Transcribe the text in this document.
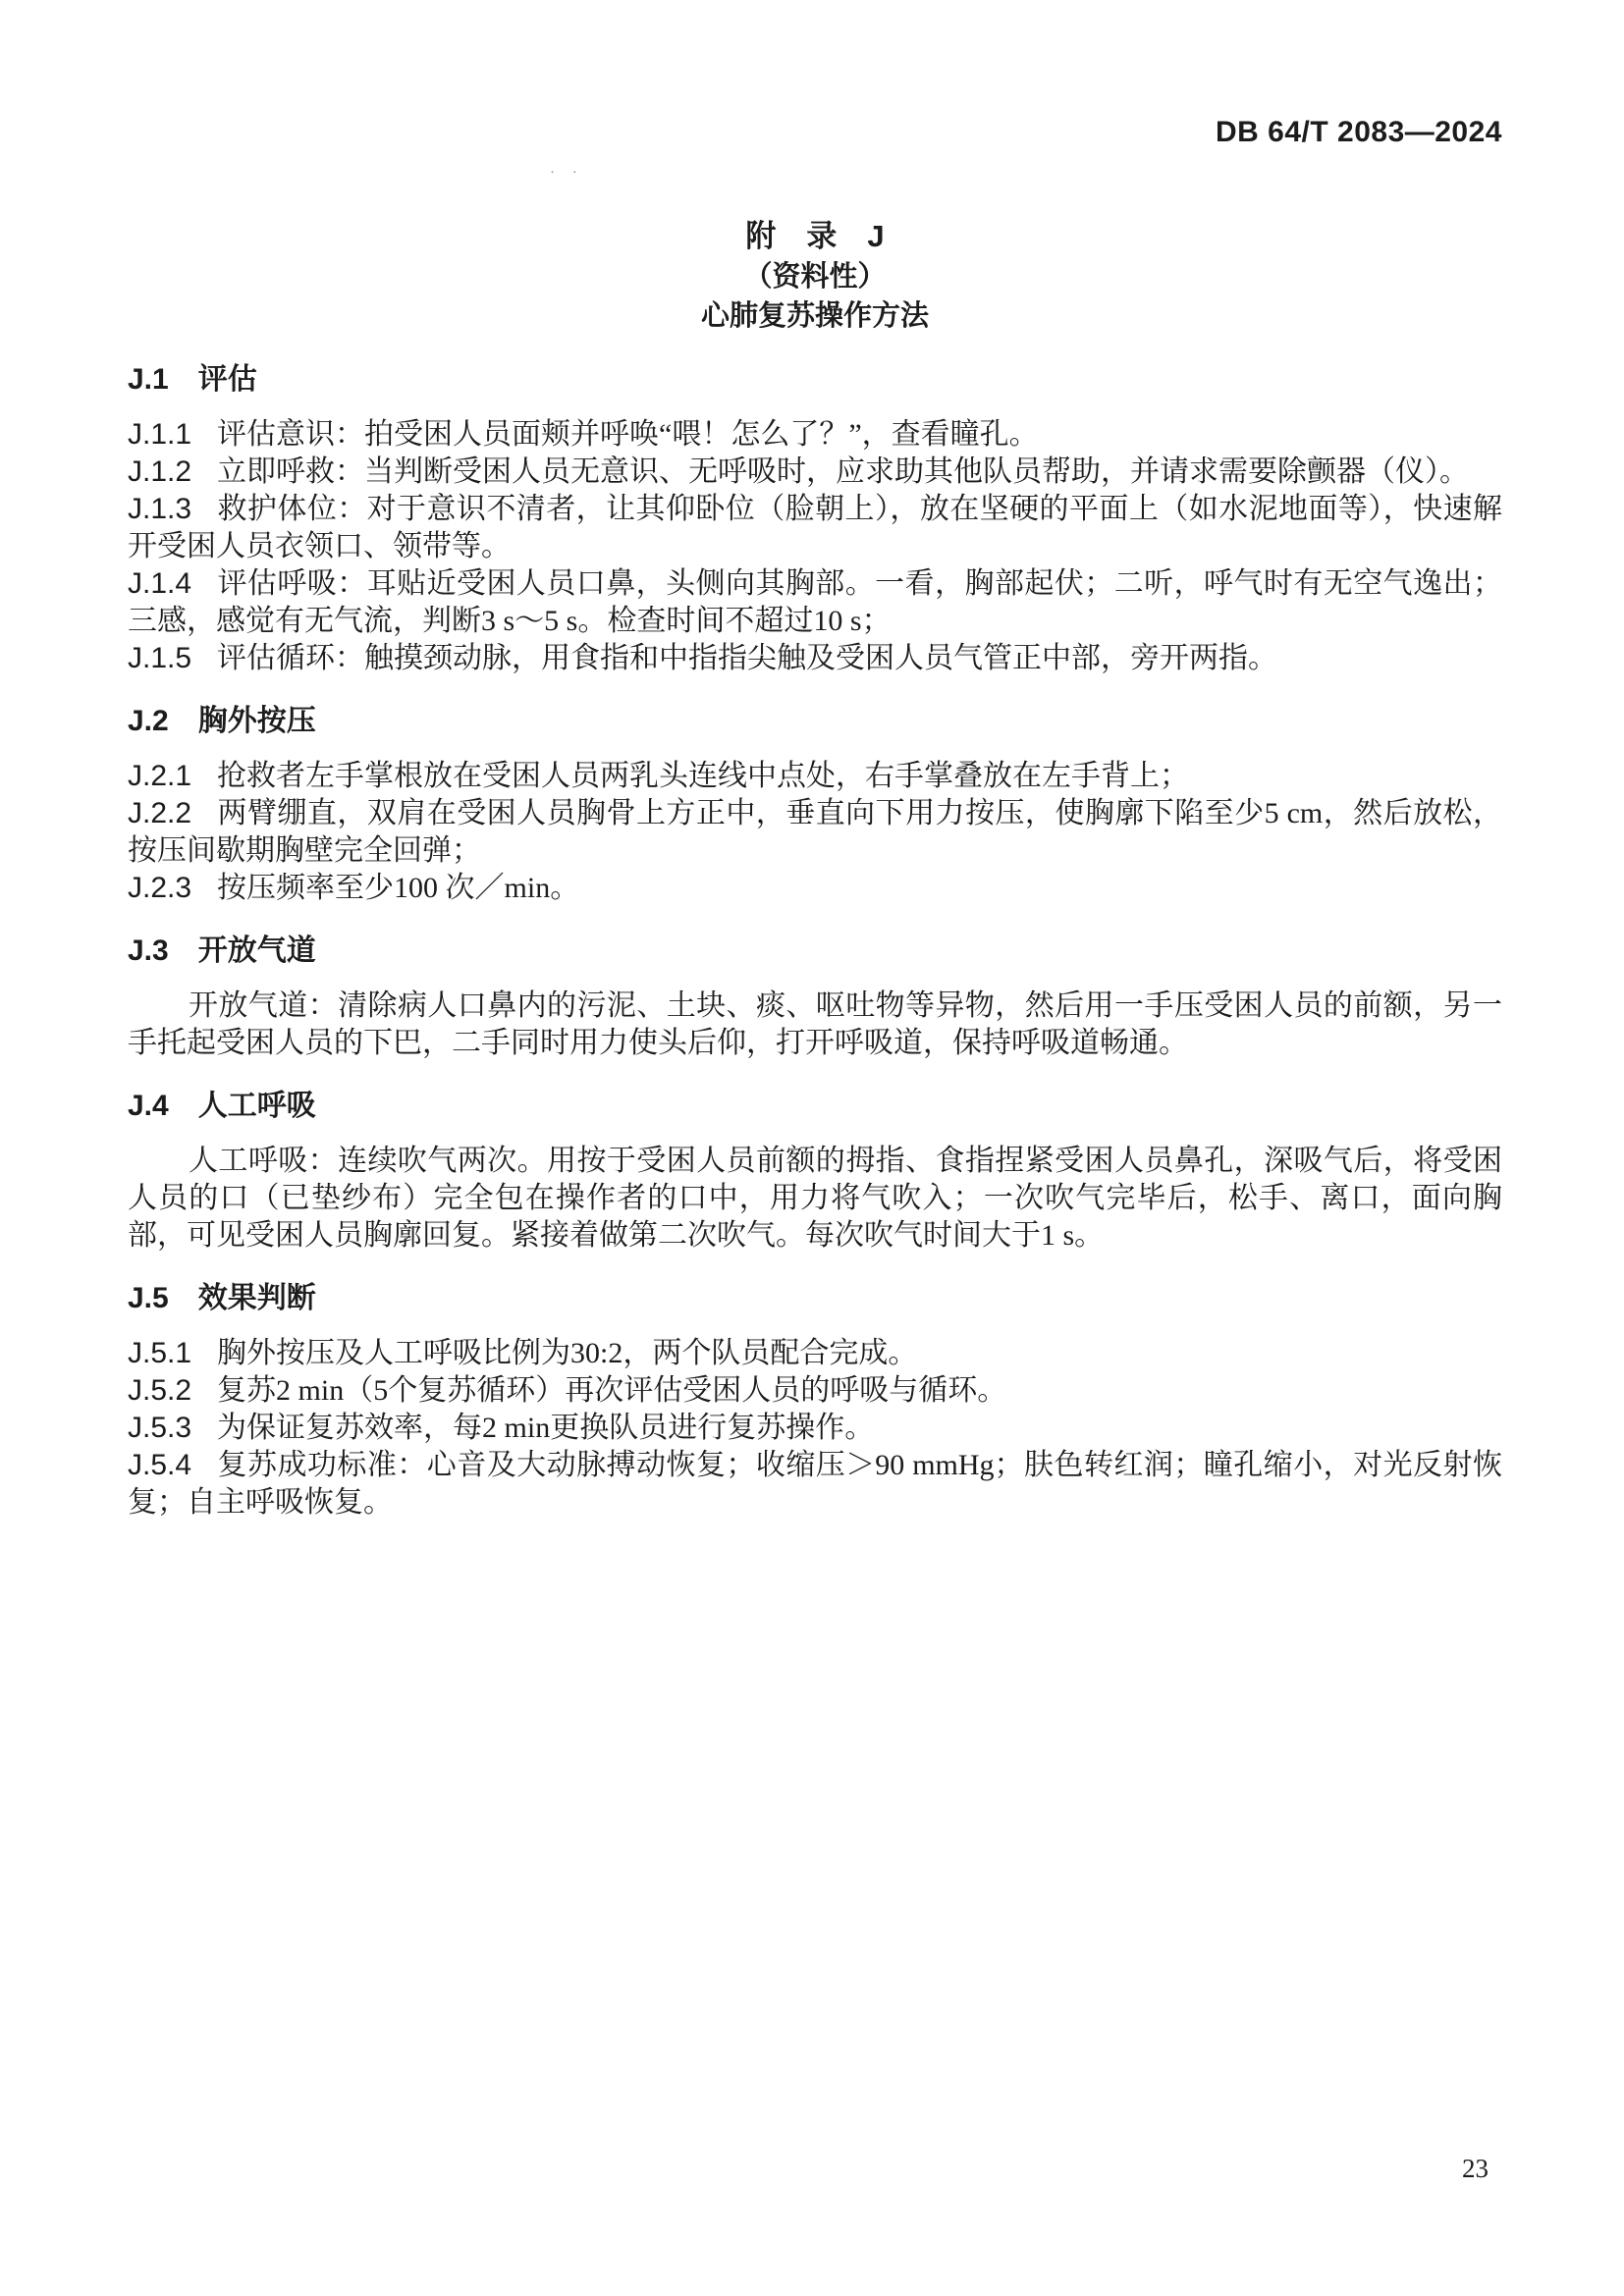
DB 64/T 2083—2024
· ·
附　录　J
（资料性）
心肺复苏操作方法
J.1 评估

J.1.1 评估意识：拍受困人员面颊并呼唤“喂！怎么了？”，查看瞳孔。

J.1.2 立即呼救：当判断受困人员无意识、无呼吸时，应求助其他队员帮助，并请求需要除颤器（仪）。

J.1.3 救护体位：对于意识不清者，让其仰卧位（脸朝上），放在坚硬的平面上（如水泥地面等），快速解开受困人员衣领口、领带等。

J.1.4 评估呼吸：耳贴近受困人员口鼻，头侧向其胸部。一看，胸部起伏；二听，呼气时有无空气逸出；三感，感觉有无气流，判断3 s～5 s。检查时间不超过10 s；

J.1.5 评估循环：触摸颈动脉，用食指和中指指尖触及受困人员气管正中部，旁开两指。

J.2 胸外按压

J.2.1 抢救者左手掌根放在受困人员两乳头连线中点处，右手掌叠放在左手背上；

J.2.2 两臂绷直，双肩在受困人员胸骨上方正中，垂直向下用力按压，使胸廓下陷至少5 cm，然后放松，按压间歇期胸壁完全回弹；

J.2.3 按压频率至少100 次／min。

J.3 开放气道

开放气道：清除病人口鼻内的污泥、土块、痰、呕吐物等异物，然后用一手压受困人员的前额，另一手托起受困人员的下巴，二手同时用力使头后仰，打开呼吸道，保持呼吸道畅通。

J.4 人工呼吸

人工呼吸：连续吹气两次。用按于受困人员前额的拇指、食指捏紧受困人员鼻孔，深吸气后，将受困人员的口（已垫纱布）完全包在操作者的口中，用力将气吹入；一次吹气完毕后，松手、离口，面向胸部，可见受困人员胸廓回复。紧接着做第二次吹气。每次吹气时间大于1 s。

J.5 效果判断

J.5.1 胸外按压及人工呼吸比例为30:2，两个队员配合完成。

J.5.2 复苏2 min（5个复苏循环）再次评估受困人员的呼吸与循环。

J.5.3 为保证复苏效率，每2 min更换队员进行复苏操作。

J.5.4 复苏成功标准：心音及大动脉搏动恢复；收缩压＞90 mmHg；肤色转红润；瞳孔缩小，对光反射恢复；自主呼吸恢复。

23
